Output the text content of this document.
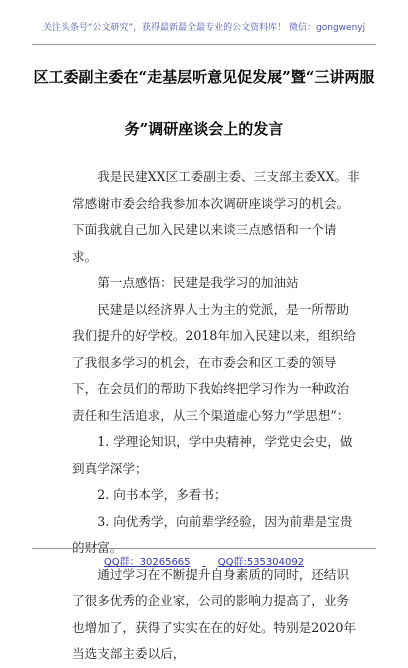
关注头条号“公文研究”，获得最新最全最专业的公文资料库！ 微信：gongwenyj
区工委副主委在“走基层听意见促发展”暨“三讲两服
务”调研座谈会上的发言

我是民建XX区工委副主委、三支部主委XX。非常感谢市委会给我参加本次调研座谈学习的机会。下面我就自己加入民建以来谈三点感悟和一个请求。

第一点感悟：民建是我学习的加油站

民建是以经济界人士为主的党派，是一所帮助我们提升的好学校。2018年加入民建以来，组织给了我很多学习的机会，在市委会和区工委的领导下，在会员们的帮助下我始终把学习作为一种政治责任和生活追求，从三个渠道虚心努力“学思想”：

1. 学理论知识，学中央精神，学党史会史，做到真学深学；

2. 向书本学，多看书；

3. 向优秀学，向前辈学经验，因为前辈是宝贵的财富。

通过学习在不断提升自身素质的同时，还结识了很多优秀的企业家，公司的影响力提高了，业务也增加了，获得了实实在在的好处。特别是2020年当选支部主委以后，

QQ群：30265665	QQ群:535304092
